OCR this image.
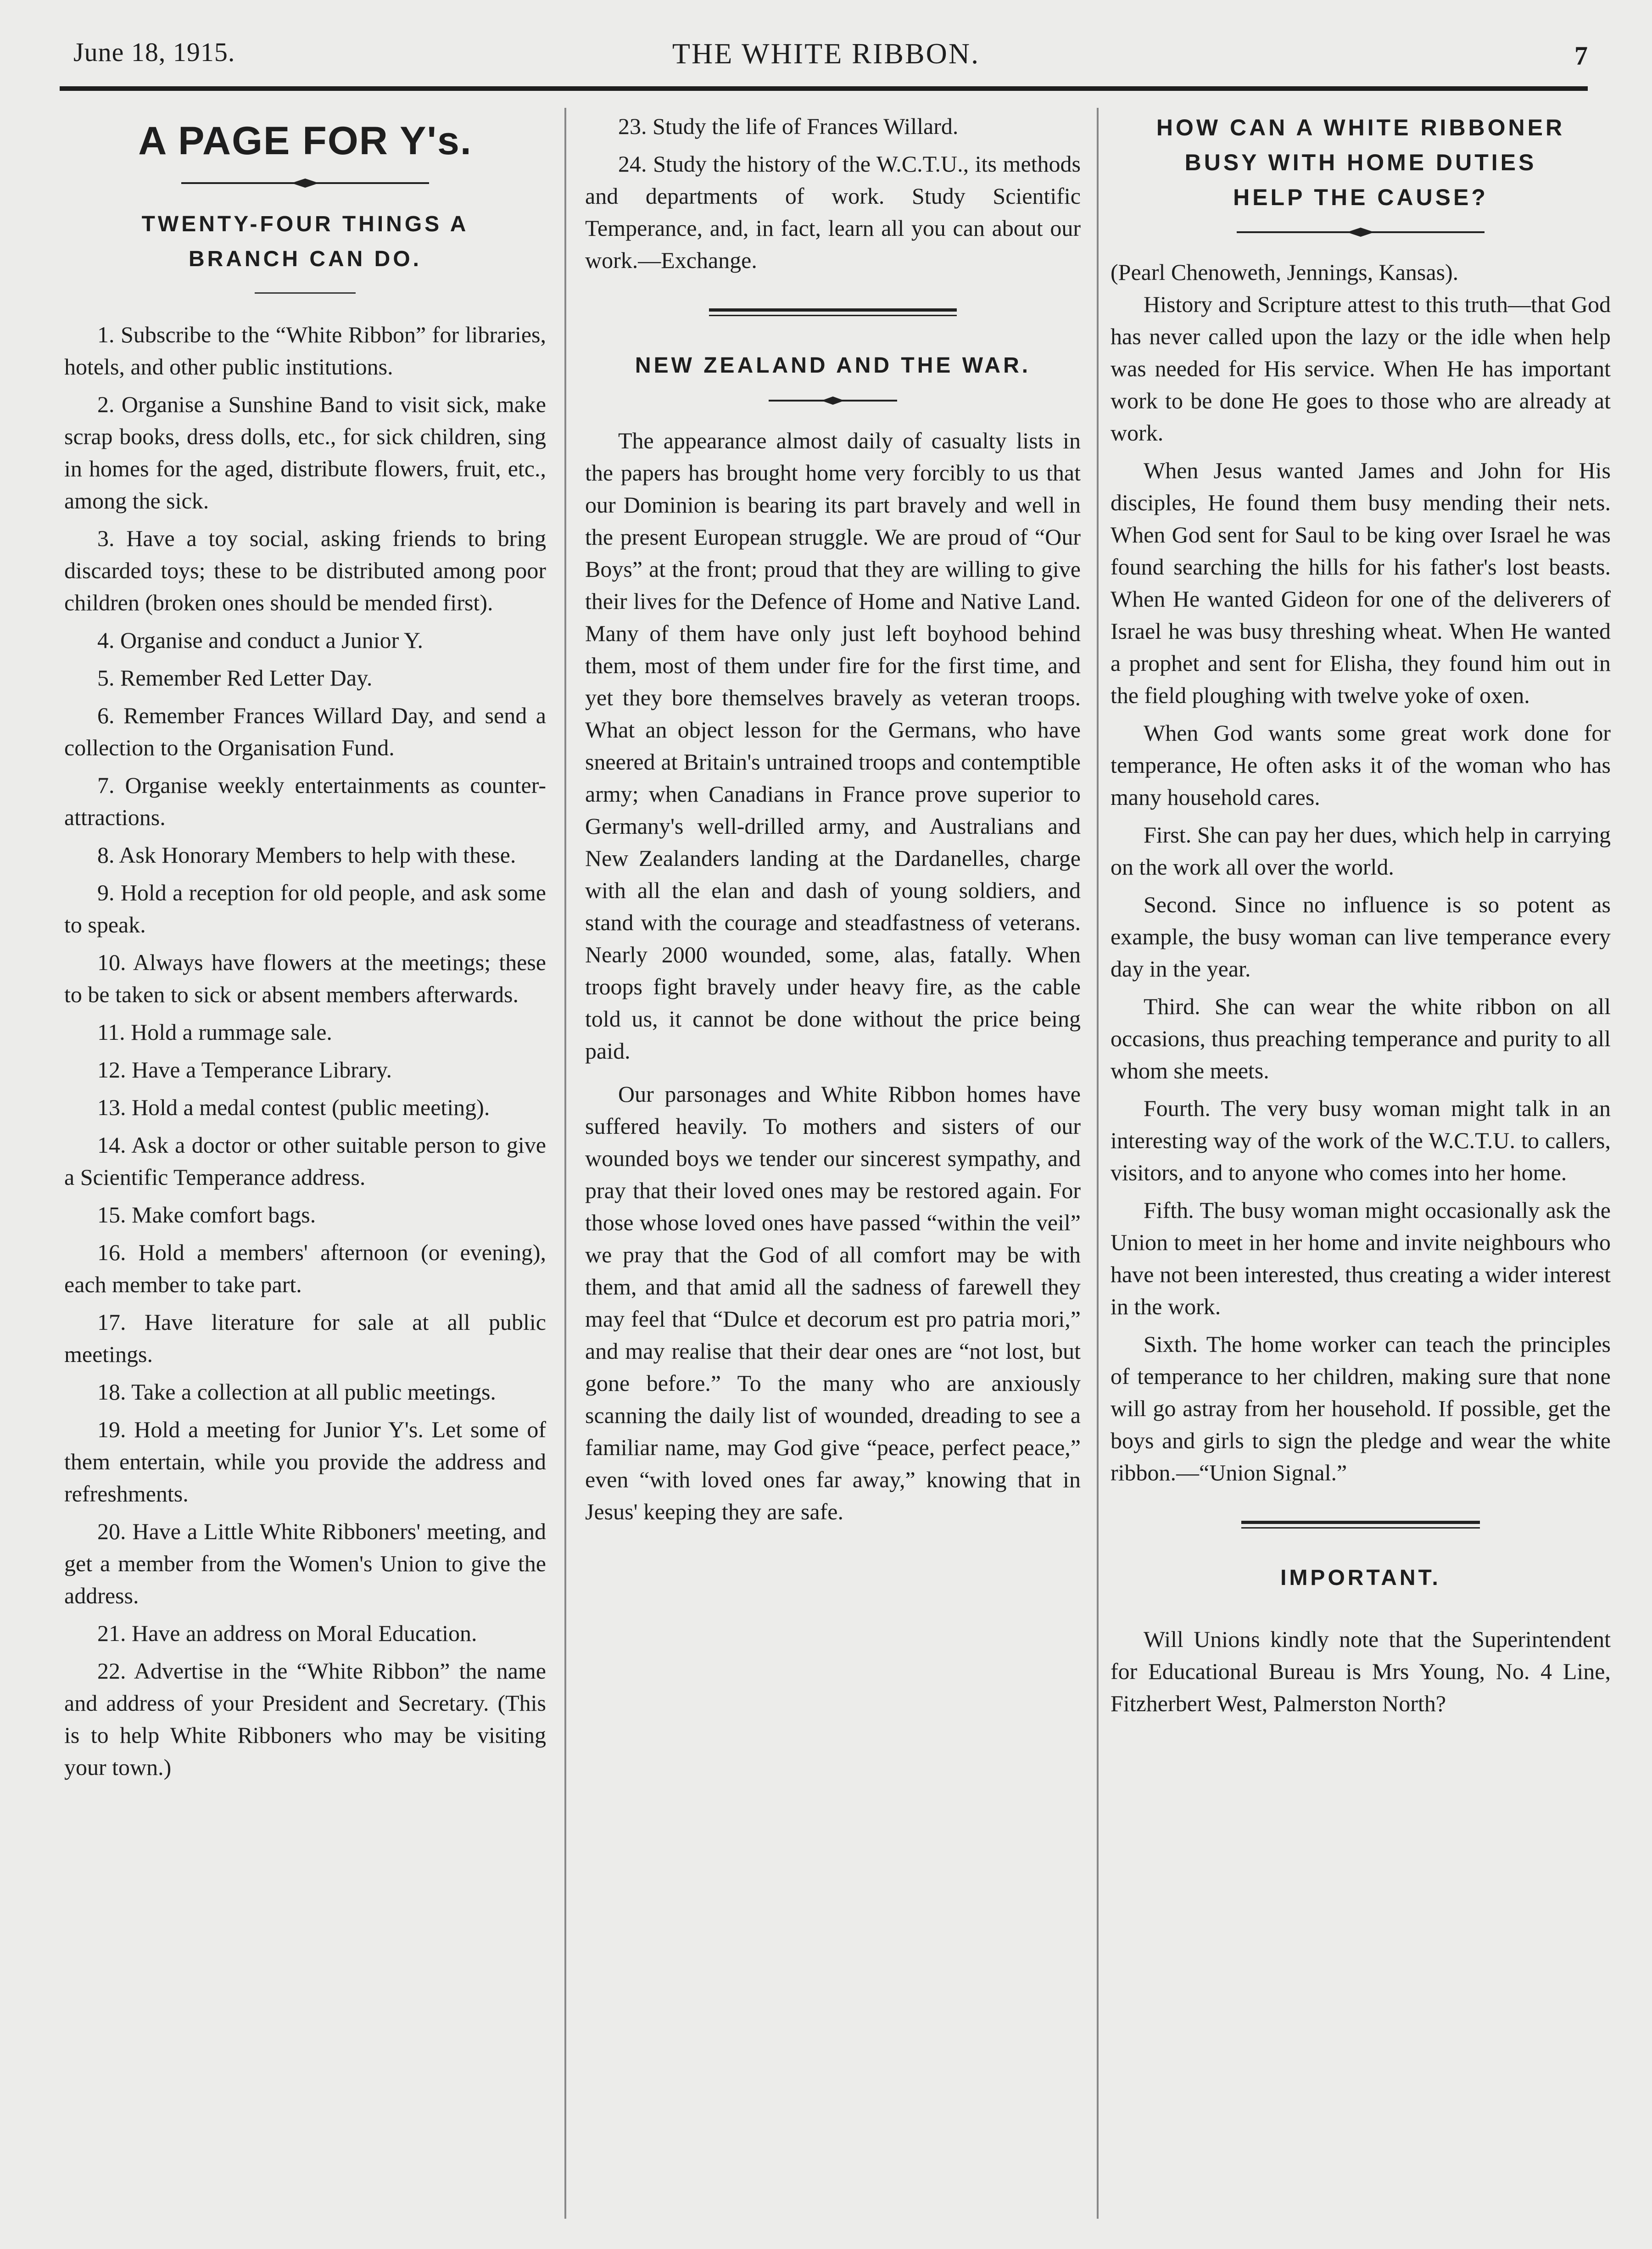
June 18, 1915.	THE WHITE RIBBON.	7
A PAGE FOR Y's.
TWENTY-FOUR THINGS A
BRANCH CAN DO.

1. Subscribe to the “White Ribbon” for libraries, hotels, and other public institutions.

2. Organise a Sunshine Band to visit sick, make scrap books, dress dolls, etc., for sick children, sing in homes for the aged, distribute flowers, fruit, etc., among the sick.

3. Have a toy social, asking friends to bring discarded toys; these to be distributed among poor children (broken ones should be mended first).

4. Organise and conduct a Junior Y.

5. Remember Red Letter Day.

6. Remember Frances Willard Day, and send a collection to the Organisation Fund.

7. Organise weekly entertainments as counter-attractions.

8. Ask Honorary Members to help with these.

9. Hold a reception for old people, and ask some to speak.

10. Always have flowers at the meetings; these to be taken to sick or absent members afterwards.

11. Hold a rummage sale.

12. Have a Temperance Library.

13. Hold a medal contest (public meeting).

14. Ask a doctor or other suitable person to give a Scientific Temperance address.

15. Make comfort bags.

16. Hold a members' afternoon (or evening), each member to take part.

17. Have literature for sale at all public meetings.

18. Take a collection at all public meetings.

19. Hold a meeting for Junior Y's. Let some of them entertain, while you provide the address and refreshments.

20. Have a Little White Ribboners' meeting, and get a member from the Women's Union to give the address.

21. Have an address on Moral Education.

22. Advertise in the “White Ribbon” the name and address of your President and Secretary. (This is to help White Ribboners who may be visiting your town.)

23. Study the life of Frances Willard.

24. Study the history of the W.C.T.U., its methods and departments of work. Study Scientific Temperance, and, in fact, learn all you can about our work.—Exchange.

NEW ZEALAND AND THE WAR.

The appearance almost daily of casualty lists in the papers has brought home very forcibly to us that our Dominion is bearing its part bravely and well in the present European struggle. We are proud of “Our Boys” at the front; proud that they are willing to give their lives for the Defence of Home and Native Land. Many of them have only just left boyhood behind them, most of them under fire for the first time, and yet they bore themselves bravely as veteran troops. What an object lesson for the Germans, who have sneered at Britain's untrained troops and contemptible army; when Canadians in France prove superior to Germany's well-drilled army, and Australians and New Zealanders landing at the Dardanelles, charge with all the elan and dash of young soldiers, and stand with the courage and steadfastness of veterans. Nearly 2000 wounded, some, alas, fatally. When troops fight bravely under heavy fire, as the cable told us, it cannot be done without the price being paid.

Our parsonages and White Ribbon homes have suffered heavily. To mothers and sisters of our wounded boys we tender our sincerest sympathy, and pray that their loved ones may be restored again. For those whose loved ones have passed “within the veil” we pray that the God of all comfort may be with them, and that amid all the sadness of farewell they may feel that “Dulce et decorum est pro patria mori,” and may realise that their dear ones are “not lost, but gone before.” To the many who are anxiously scanning the daily list of wounded, dreading to see a familiar name, may God give “peace, perfect peace,” even “with loved ones far away,” knowing that in Jesus' keeping they are safe.

HOW CAN A WHITE RIBBONER
BUSY WITH HOME DUTIES
HELP THE CAUSE?

(Pearl Chenoweth, Jennings, Kansas).

History and Scripture attest to this truth—that God has never called upon the lazy or the idle when help was needed for His service. When He has important work to be done He goes to those who are already at work.

When Jesus wanted James and John for His disciples, He found them busy mending their nets. When God sent for Saul to be king over Israel he was found searching the hills for his father's lost beasts. When He wanted Gideon for one of the deliverers of Israel he was busy threshing wheat. When He wanted a prophet and sent for Elisha, they found him out in the field ploughing with twelve yoke of oxen.

When God wants some great work done for temperance, He often asks it of the woman who has many household cares.

First. She can pay her dues, which help in carrying on the work all over the world.

Second. Since no influence is so potent as example, the busy woman can live temperance every day in the year.

Third. She can wear the white ribbon on all occasions, thus preaching temperance and purity to all whom she meets.

Fourth. The very busy woman might talk in an interesting way of the work of the W.C.T.U. to callers, visitors, and to anyone who comes into her home.

Fifth. The busy woman might occasionally ask the Union to meet in her home and invite neighbours who have not been interested, thus creating a wider interest in the work.

Sixth. The home worker can teach the principles of temperance to her children, making sure that none will go astray from her household. If possible, get the boys and girls to sign the pledge and wear the white ribbon.—“Union Signal.”

IMPORTANT.

Will Unions kindly note that the Superintendent for Educational Bureau is Mrs Young, No. 4 Line, Fitzherbert West, Palmerston North?
